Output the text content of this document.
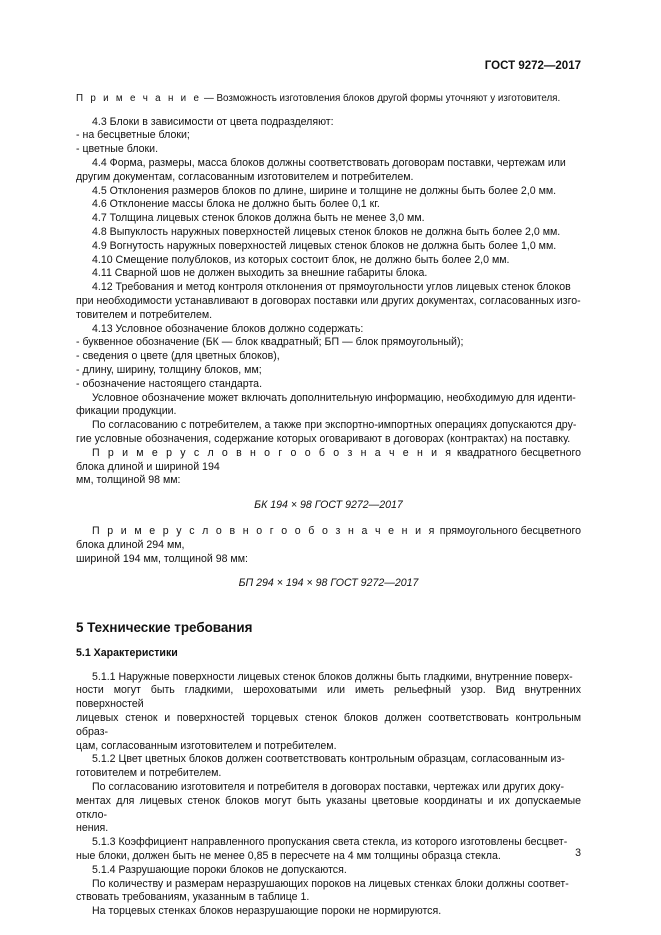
ГОСТ 9272—2017

П р и м е ч а н и е — Возможность изготовления блоков другой формы уточняют у изготовителя.

4.3 Блоки в зависимости от цвета подразделяют:

- на бесцветные блоки;

- цветные блоки.

4.4 Форма, размеры, масса блоков должны соответствовать договорам поставки, чертежам или

другим документам, согласованным изготовителем и потребителем.

4.5 Отклонения размеров блоков по длине, ширине и толщине не должны быть более 2,0 мм.

4.6 Отклонение массы блока не должно быть более 0,1 кг.

4.7 Толщина лицевых стенок блоков должна быть не менее 3,0 мм.

4.8 Выпуклость наружных поверхностей лицевых стенок блоков не должна быть более 2,0 мм.

4.9 Вогнутость наружных поверхностей лицевых стенок блоков не должна быть более 1,0 мм.

4.10 Смещение полублоков, из которых состоит блок, не должно быть более 2,0 мм.

4.11 Сварной шов не должен выходить за внешние габариты блока.

4.12 Требования и метод контроля отклонения от прямоугольности углов лицевых стенок блоков

при необходимости устанавливают в договорах поставки или других документах, согласованных изго-

товителем и потребителем.

4.13 Условное обозначение блоков должно содержать:

- буквенное обозначение (БК — блок квадратный; БП — блок прямоугольный);

- сведения о цвете (для цветных блоков),

- длину, ширину, толщину блоков, мм;

- обозначение настоящего стандарта.

Условное обозначение может включать дополнительную информацию, необходимую для иденти-

фикации продукции.

По согласованию с потребителем, а также при экспортно-импортных операциях допускаются дру-

гие условные обозначения, содержание которых оговаривают в договорах (контрактах) на поставку.

П р и м е р у с л о в н о г о о б о з н а ч е н и я квадратного бесцветного блока длиной и шириной 194

мм, толщиной 98 мм:

БК 194 × 98 ГОСТ 9272—2017

П р и м е р у с л о в н о г о о б о з н а ч е н и я прямоугольного бесцветного блока длиной 294 мм,

шириной 194 мм, толщиной 98 мм:

БП 294 × 194 × 98 ГОСТ 9272—2017

5 Технические требования
5.1 Характеристики

5.1.1 Наружные поверхности лицевых стенок блоков должны быть гладкими, внутренние поверх-

ности могут быть гладкими, шероховатыми или иметь рельефный узор. Вид внутренних поверхностей

лицевых стенок и поверхностей торцевых стенок блоков должен соответствовать контрольным образ-

цам, согласованным изготовителем и потребителем.

5.1.2 Цвет цветных блоков должен соответствовать контрольным образцам, согласованным из-

готовителем и потребителем.

По согласованию изготовителя и потребителя в договорах поставки, чертежах или других доку-

ментах для лицевых стенок блоков могут быть указаны цветовые координаты и их допускаемые откло-

нения.

5.1.3 Коэффициент направленного пропускания света стекла, из которого изготовлены бесцвет-

ные блоки, должен быть не менее 0,85 в пересчете на 4 мм толщины образца стекла.

5.1.4 Разрушающие пороки блоков не допускаются.

По количеству и размерам неразрушающих пороков на лицевых стенках блоки должны соответ-

ствовать требованиям, указанным в таблице 1.

На торцевых стенках блоков неразрушающие пороки не нормируются.

3
